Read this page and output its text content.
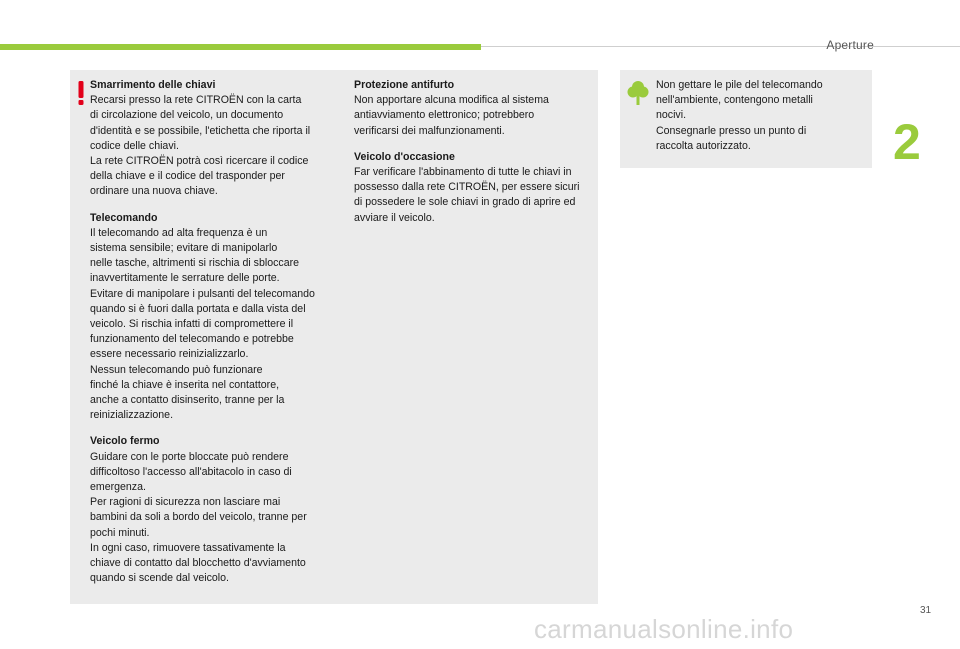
Aperture
2
Smarrimento delle chiavi

Recarsi presso la rete CITROËN con la carta
di circolazione del veicolo, un documento
d'identità e se possibile, l'etichetta che riporta il
codice delle chiavi.
La rete CITROËN potrà così ricercare il codice
della chiave e il codice del trasponder per
ordinare una nuova chiave.

Telecomando

Il telecomando ad alta frequenza è un
sistema sensibile; evitare di manipolarlo
nelle tasche, altrimenti si rischia di sbloccare
inavvertitamente le serrature delle porte.
Evitare di manipolare i pulsanti del telecomando
quando si è fuori dalla portata e dalla vista del
veicolo. Si rischia infatti di compromettere il
funzionamento del telecomando e potrebbe
essere necessario reinizializzarlo.
Nessun telecomando può funzionare
finché la chiave è inserita nel contattore,
anche a contatto disinserito, tranne per la
reinizializzazione.

Veicolo fermo

Guidare con le porte bloccate può rendere
difficoltoso l'accesso all'abitacolo in caso di
emergenza.
Per ragioni di sicurezza non lasciare mai
bambini da soli a bordo del veicolo, tranne per
pochi minuti.
In ogni caso, rimuovere tassativamente la
chiave di contatto dal blocchetto d'avviamento
quando si scende dal veicolo.

Protezione antifurto

Non apportare alcuna modifica al sistema
antiavviamento elettronico; potrebbero
verificarsi dei malfunzionamenti.

Veicolo d'occasione

Far verificare l'abbinamento di tutte le chiavi in
possesso dalla rete CITROËN, per essere sicuri
di possedere le sole chiavi in grado di aprire ed
avviare il veicolo.

Non gettare le pile del telecomando
nell'ambiente, contengono metalli
nocivi.
Consegnarle presso un punto di
raccolta autorizzato.

31
carmanualsonline.info
